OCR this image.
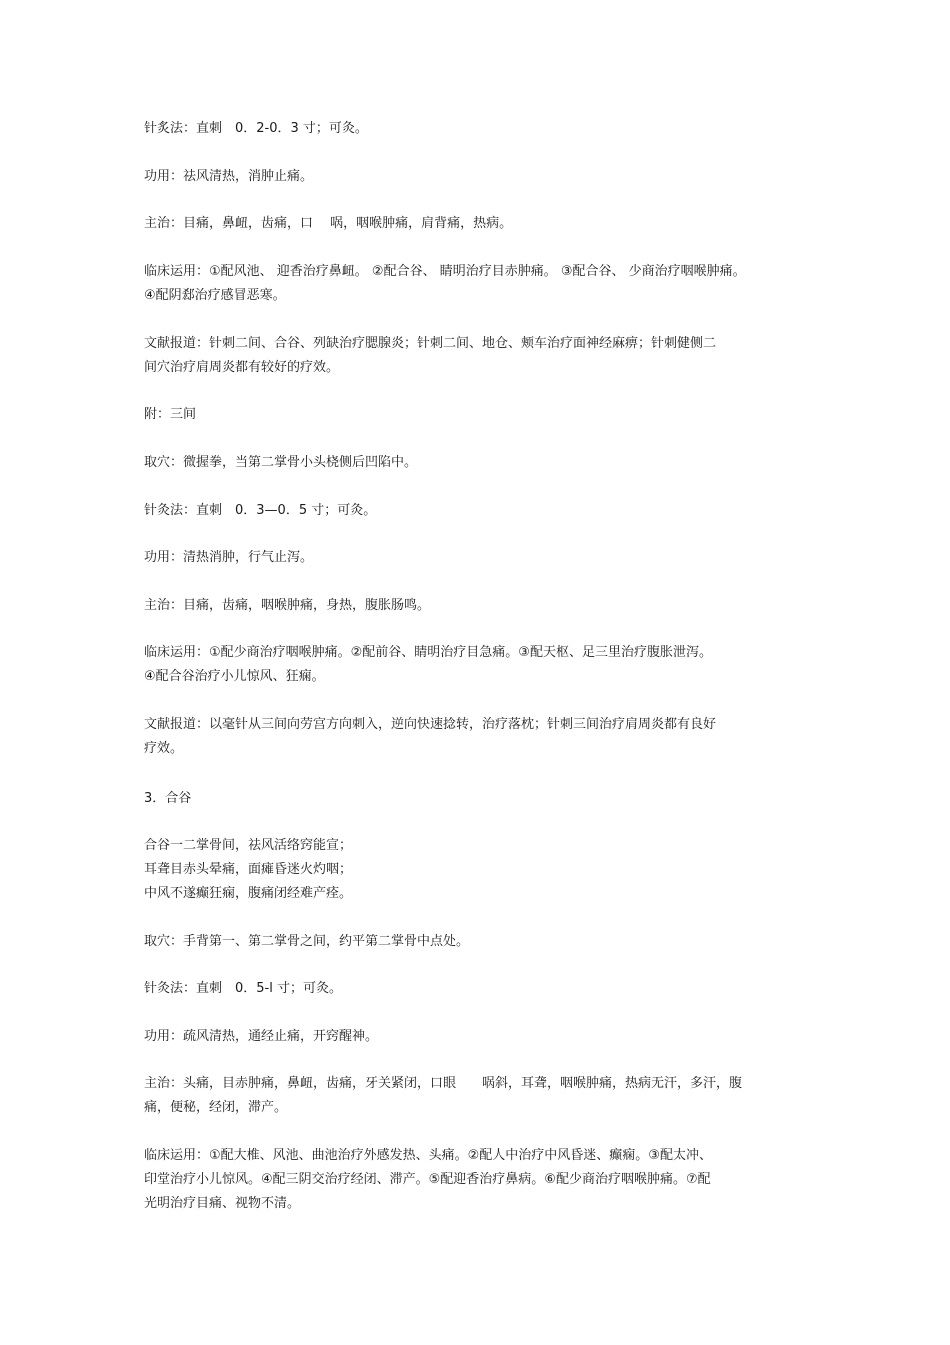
针炙法：直刺　0．2-0．3 寸；可灸。
功用：祛风清热，消肿止痛。
主治：目痛，鼻衄，齿痛，口　 㖞，咽喉肿痛，肩背痛，热病。
临床运用：①配风池、 迎香治疗鼻衄。 ②配合谷、 睛明治疗目赤肿痛。 ③配合谷、 少商治疗咽喉肿痛。
④配阴郄治疗感冒恶寒。
文献报道：针刺二间、合谷、列缺治疗腮腺炎；针刺二间、地仓、颊车治疗面神经麻痹；针刺健侧二
间穴治疗肩周炎都有较好的疗效。
附：三间
取穴：微握拳，当第二掌骨小头桡侧后凹陷中。
针灸法：直刺　0．3—0．5 寸；可灸。
功用：清热消肿，行气止泻。
主治：目痛，齿痛，咽喉肿痛，身热，腹胀肠鸣。
临床运用：①配少商治疗咽喉肿痛。②配前谷、睛明治疗目急痛。③配天枢、足三里治疗腹胀泄泻。
④配合谷治疗小儿惊风、狂痫。
文献报道：以毫针从三间向劳宫方向刺入，逆向快速捻转，治疗落枕；针刺三间治疗肩周炎都有良好
疗效。
3．合谷
合谷一二掌骨间，祛风活络窍能宣；
耳聋目赤头晕痛，面瘫昏迷火灼咽；
中风不遂癫狂痫，腹痛闭经难产痊。
取穴：手背第一、第二掌骨之间，约平第二掌骨中点处。
针灸法：直刺　0．5-l 寸；可灸。
功用：疏风清热，通经止痛，开窍醒神。
主治：头痛，目赤肿痛，鼻衄，齿痛，牙关紧闭，口眼　　㖞斜，耳聋，咽喉肿痛，热病无汗，多汗，腹
痛，便秘，经闭，滞产。
临床运用：①配大椎、风池、曲池治疗外感发热、头痛。②配人中治疗中风昏迷、癫痫。③配太冲、
印堂治疗小儿惊风。④配三阴交治疗经闭、滞产。⑤配迎香治疗鼻病。⑥配少商治疗咽喉肿痛。⑦配
光明治疗目痛、视物不清。
